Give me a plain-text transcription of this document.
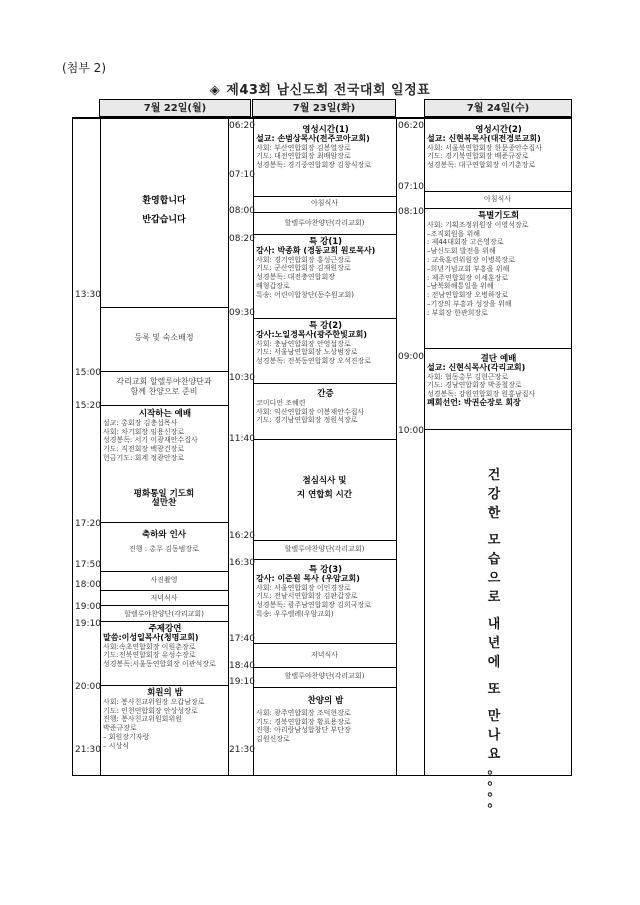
(첨부 2)
◈ 제43회 남신도회 전국대회 일정표
7월 22일(월)	7월 23일(화)	7월 24일(수)
13:30
15:00
15:20
17:20
17:50
18:00
19:00
19:10
20:00
21:30
환영합니다
반갑습니다
등록 및 숙소배정
각리교회 할렐루야찬양단과
함께 찬양으로 준비
시작하는 예배
설교: 총회장 김충섭목사
사회: 차기회장 임용신장로
성경봉독: 서기 이광재안수집사
기도: 직전회장 백광건장로
헌금기도: 회계 정광안장로
평화통일 기도회
설만찬
축하와 인사
진행 : 총무 김동범장로
사진촬영
저녁식사
할렐루야찬양단(각리교회)
주제강연
말씀:이성일목사(청명교회)
사회:속초연합회장 이원춘장로
기도:전북연합회장 유성수장로
성경봉독:서울동연합회장 이관석장로
회원의 밤
사회: 봉사친교위원장 오갑남장로
기도: 인천연합회장 안상성장로
진행: 봉사친교위원회위원
박준규장로
– 회원장기자랑
– 시상식
06:20
07:10
08:00
08:20
09:30
10:30
11:40
16:20
16:30
17:40
18:40
19:10
21:30
영성시간(1)
설교: 손범상목사(전주코아교회)
사회: 부산연합회장 김봉열장로
기도: 대전연합회장 최배암장로
성경봉독: 경기중연합회장 김창식장로
아침식사
할렐루야찬양단(각리교회)
특 강(1)
강사: 박종화 (경동교회 원로목사)
사회: 경기연합회장 홍성근장로
기도: 군산연합회장 김재원장로
성경봉독: 대전충연합회장
배형갑장로
특송: 어린이합창단(동수원교회)
특 강(2)
강사:노일경목사(광주한빛교회)
사회: 충남연합회장 안영섭장로
기도: 서울남연합회장 노상범장로
성경봉독: 전북동연합회장 오석진장로
간증
코미디언 조혜련
사회: 익산연합회장 이봉재안수집사
기도: 경기남연합회장 정원석장로
점심식사 및
지 연합회 시간
할렐루야찬양단(각리교회)
특 강(3)
강사: 이준원 목사 (우암교회)
사회: 서울연합회장 이인경장로
기도: 전남서연합회장 김판갑장로
성경봉독: 광주남연합회장 김희국장로
특송: 우루렐례(우암교회)
저녁식사
할렐루야찬양단(각리교회)
찬양의 밤
사회: 광주연합회장 조덕현장로
기도: 경북연합회장 황표용장로
진행: 아리랑남성합창단 부단장
김원신장로
06:20
07:10
08:10
09:00
10:00
영성시간(2)
설교: 신현복목사(대전경로교회)
사회: 서울북연합회장 한문종안수집사
기도: 경기북연합회장 배준규장로
성경봉독: 대구연합회장 이기춘장로
아침식사
특별기도회
사회: 기획조정위원장 이영석장로
–조직회원을 위해
: 제44대회장 고은영장로
–남신도회 발전을 위해
: 교육훈련위원장 이병록장로
–희년기념교회 부흥을 위해
: 제주연합회장 이세훈장로
–남북화해통일을 위해
: 전남연합회장 오병하장로
–기장의 부흥과 성장을 위해
: 부회장 한관희장로
결단 예배
설교: 신현식목사(각리교회)
사회: 협동총무 김현근장로
기도: 경남연합회장 박종철장로
성경봉독: 강원연합회장 원홍남집사
폐회선언: 박권순장로 회장
건
강
한
모
습
으
로
내
년
에
또
만
나
요
。
。
。
。
